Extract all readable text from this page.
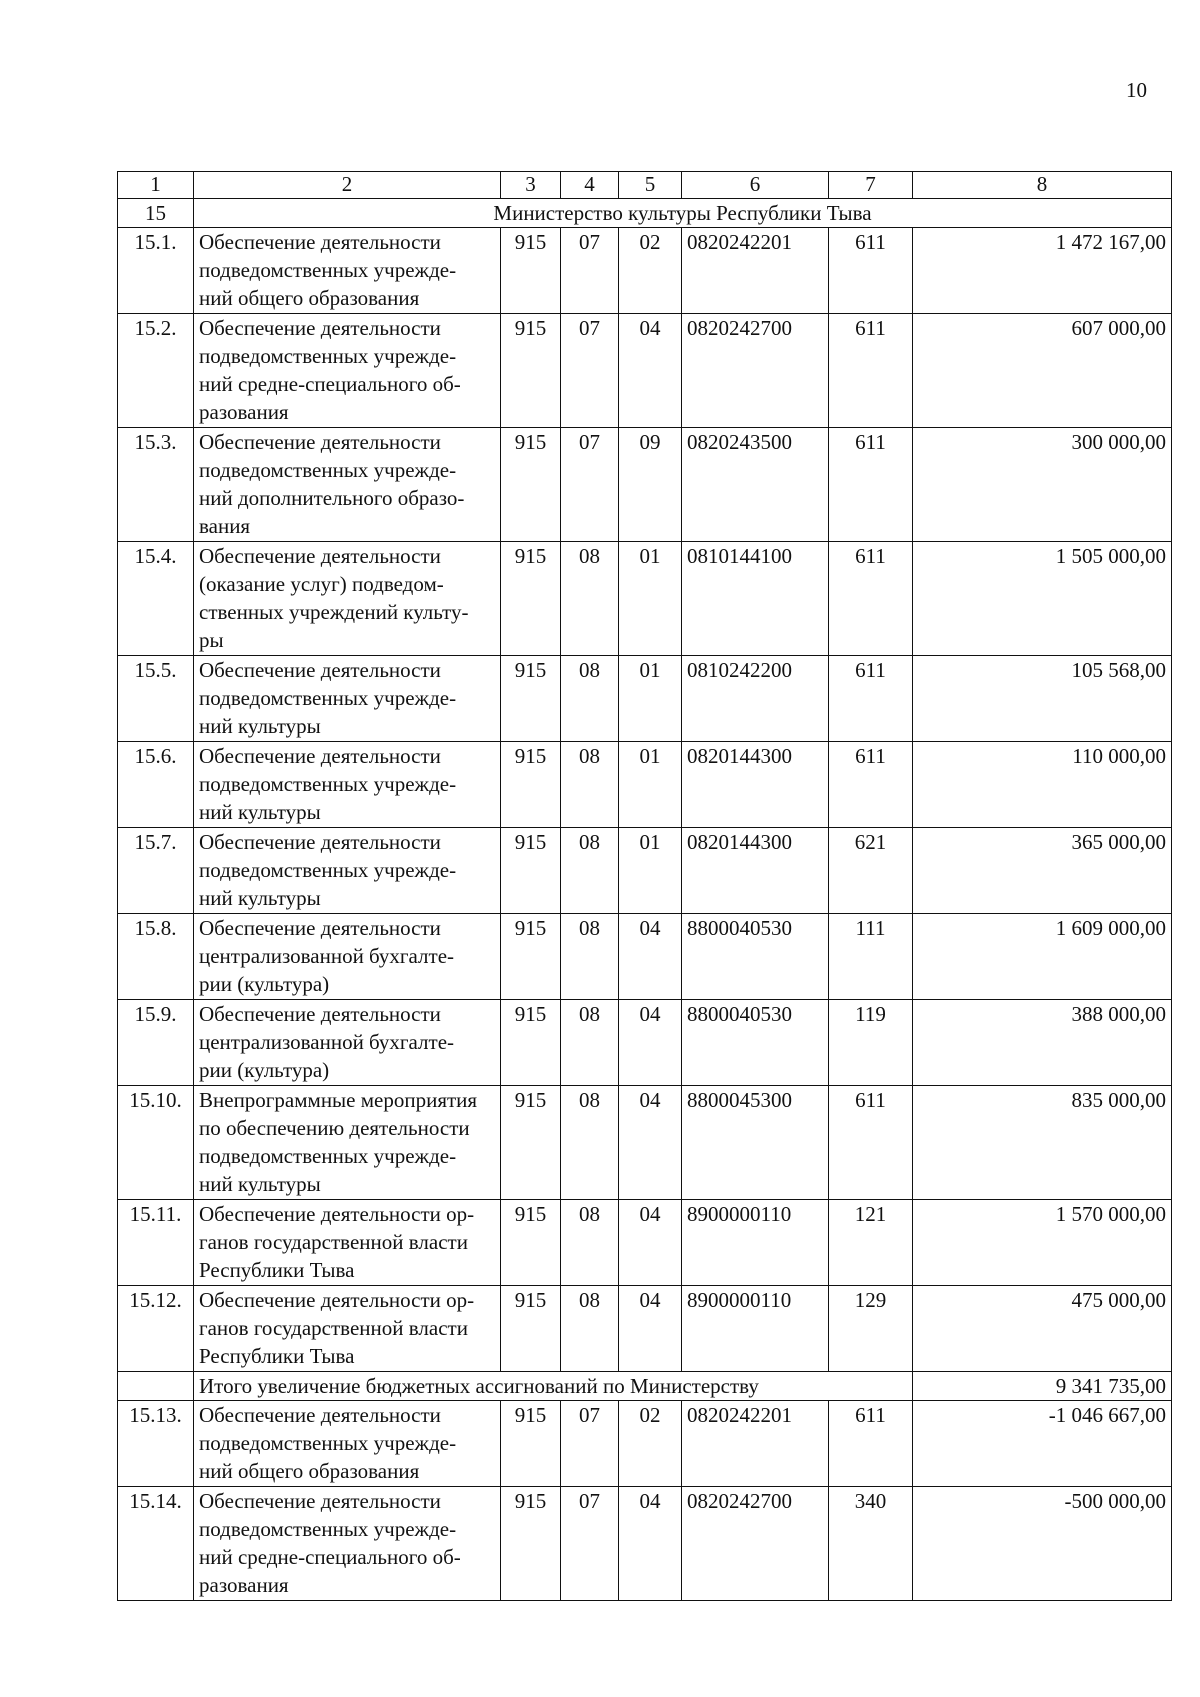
10
1	2	3	4	5	6	7	8
15	Министерство культуры Республики Тыва						
15.1.	Обеспечение деятельности
подведомственных учрежде-
ний общего образования	915	07	02	0820242201	611	1 472 167,00
15.2.	Обеспечение деятельности
подведомственных учрежде-
ний средне-специального об-
разования	915	07	04	0820242700	611	607 000,00
15.3.	Обеспечение деятельности
подведомственных учрежде-
ний дополнительного образо-
вания	915	07	09	0820243500	611	300 000,00
15.4.	Обеспечение деятельности
(оказание услуг) подведом-
ственных учреждений культу-
ры	915	08	01	0810144100	611	1 505 000,00
15.5.	Обеспечение деятельности
подведомственных учрежде-
ний культуры	915	08	01	0810242200	611	105 568,00
15.6.	Обеспечение деятельности
подведомственных учрежде-
ний культуры	915	08	01	0820144300	611	110 000,00
15.7.	Обеспечение деятельности
подведомственных учрежде-
ний культуры	915	08	01	0820144300	621	365 000,00
15.8.	Обеспечение деятельности
централизованной бухгалте-
рии (культура)	915	08	04	8800040530	111	1 609 000,00
15.9.	Обеспечение деятельности
централизованной бухгалте-
рии (культура)	915	08	04	8800040530	119	388 000,00
15.10.	Внепрограммные мероприятия
по обеспечению деятельности
подведомственных учрежде-
ний культуры	915	08	04	8800045300	611	835 000,00
15.11.	Обеспечение деятельности ор-
ганов государственной власти
Республики Тыва	915	08	04	8900000110	121	1 570 000,00
15.12.	Обеспечение деятельности ор-
ганов государственной власти
Республики Тыва	915	08	04	8900000110	129	475 000,00
	Итого увеличение бюджетных ассигнований по Министерству						9 341 735,00
15.13.	Обеспечение деятельности
подведомственных учрежде-
ний общего образования	915	07	02	0820242201	611	-1 046 667,00
15.14.	Обеспечение деятельности
подведомственных учрежде-
ний средне-специального об-
разования	915	07	04	0820242700	340	-500 000,00
